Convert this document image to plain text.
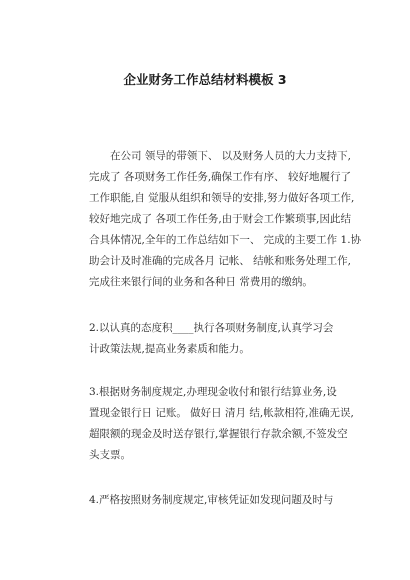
企业财务工作总结材料模板 3
　　在公司 领导的带领下、 以及财务人员的大力支持下,
完成了 各项财务工作任务,确保工作有序、 较好地履行了
工作职能,自 觉服从组织和领导的安排,努力做好各项工作,
较好地完成了 各项工作任务,由于财会工作繁琐事,因此结
合具体情况,全年的工作总结如下一、 完成的主要工作 1.协
助会计及时准确的完成各月 记帐、 结帐和账务处理工作,
完成往来银行间的业务和各种日 常费用的缴纳。
2.以认真的态度积____执行各项财务制度,认真学习会
计政策法规,提高业务素质和能力。
3.根据财务制度规定,办理现金收付和银行结算业务,设
置现金银行日 记账。 做好日 清月 结,帐款相符,准确无误,
超限额的现金及时送存银行,掌握银行存款余额,不签发空
头支票。
4.严格按照财务制度规定,审核凭证如发现问题及时与
